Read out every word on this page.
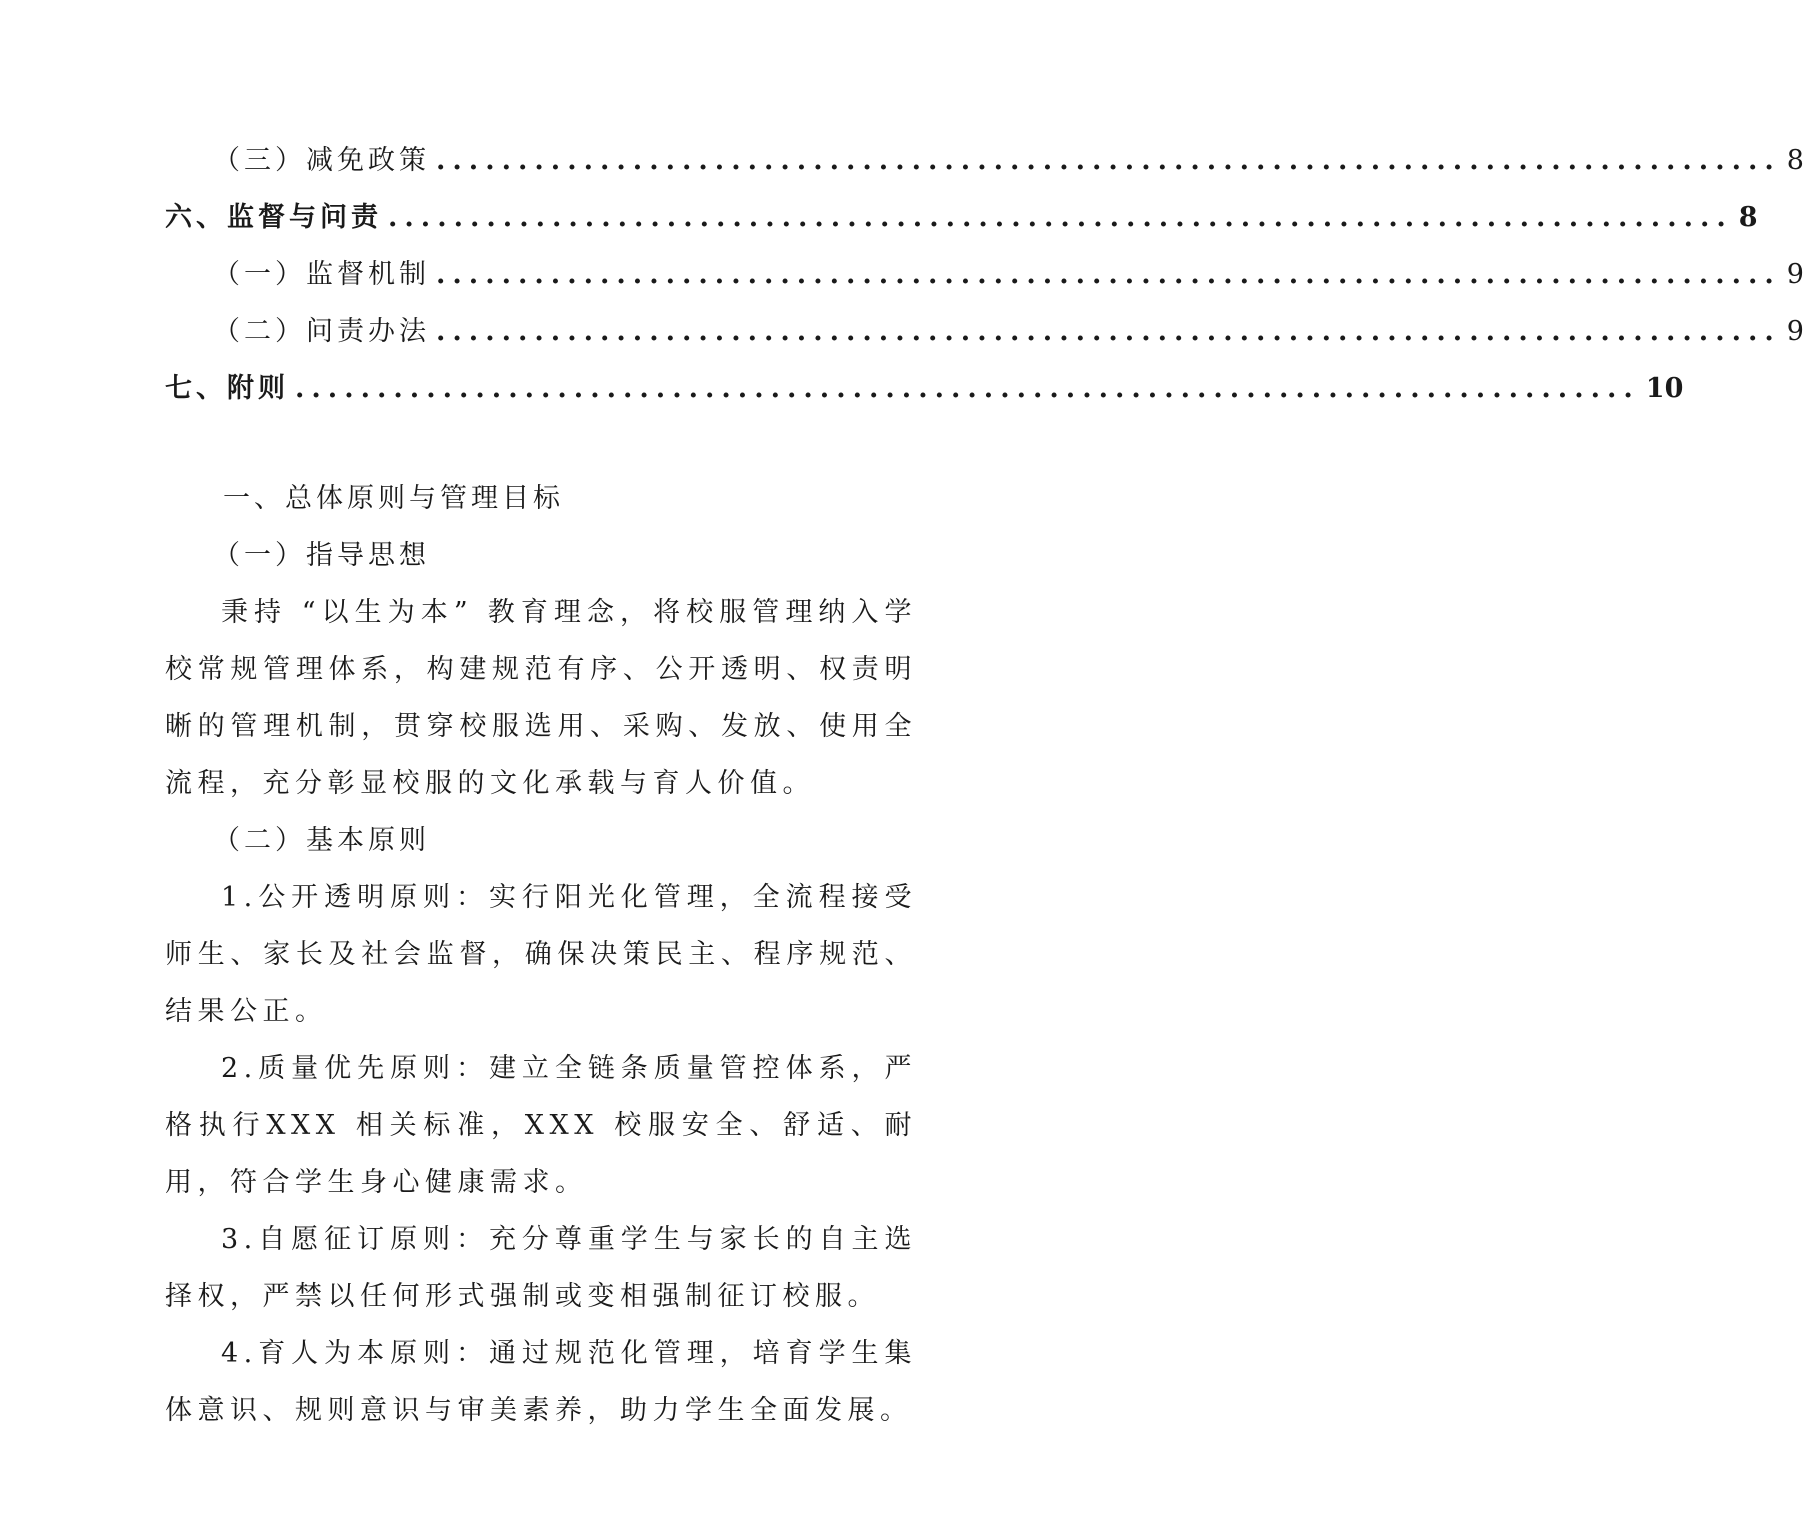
（三）减免政策 .................................................................................. 8
六、监督与问责 .................................................................................. 8
（一）监督机制 .................................................................................. 9
（二）问责办法 .................................................................................. 9
七、附则 .................................................................................. 10
一、总体原则与管理目标
（一）指导思想

秉持 “以生为本” 教育理念，将校服管理纳入学校常规管理体系，构建规范有序、公开透明、权责明晰的管理机制，贯穿校服选用、采购、发放、使用全流程，充分彰显校服的文化承载与育人价值。

（二）基本原则

1.公开透明原则：实行阳光化管理，全流程接受师生、家长及社会监督，确保决策民主、程序规范、结果公正。

2.质量优先原则：建立全链条质量管控体系，严格执行XXX 相关标准，XXX 校服安全、舒适、耐用，符合学生身心健康需求。

3.自愿征订原则：充分尊重学生与家长的自主选择权，严禁以任何形式强制或变相强制征订校服。

4.育人为本原则：通过规范化管理，培育学生集体意识、规则意识与审美素养，助力学生全面发展。
